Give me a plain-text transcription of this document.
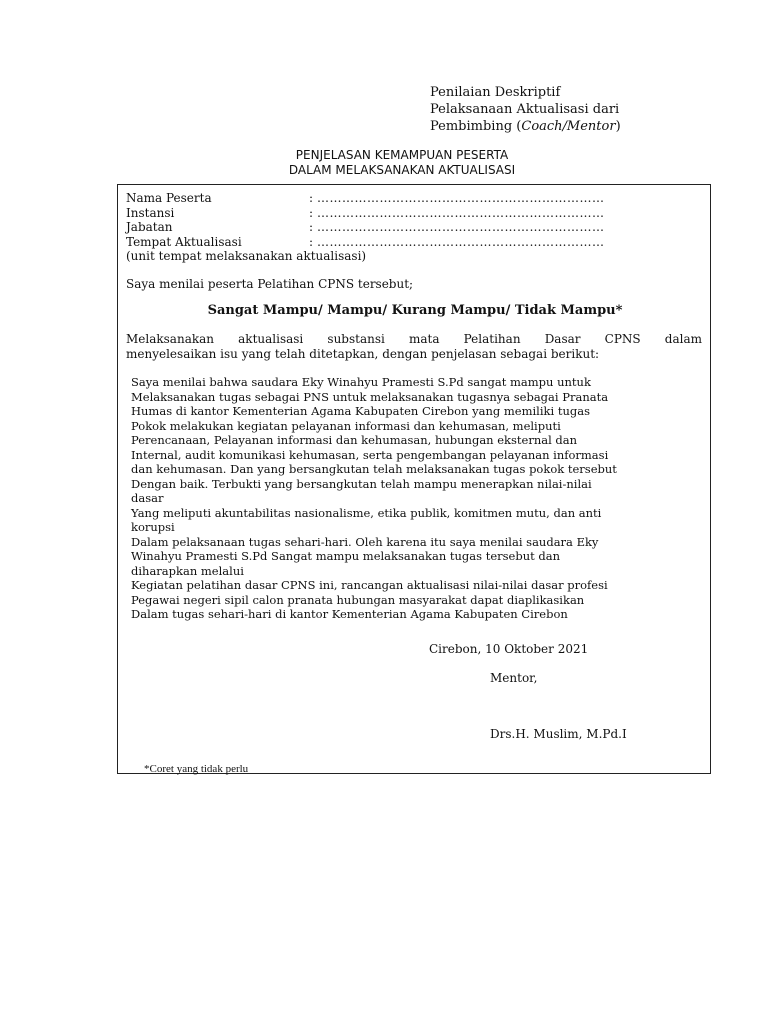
Penilaian Deskriptif
Pelaksanaan Aktualisasi dari
Pembimbing (Coach/Mentor)
PENJELASAN KEMAMPUAN PESERTA
DALAM MELAKSANAKAN AKTUALISASI
Nama Peserta	: ……………………………………………………………
Instansi	: ……………………………………………………………
Jabatan	: ……………………………………………………………
Tempat Aktualisasi	: ……………………………………………………………
(unit tempat melaksanakan aktualisasi)
Saya menilai peserta Pelatihan CPNS tersebut;
Sangat Mampu/ Mampu/ Kurang Mampu/ Tidak Mampu*
Melaksanakan aktualisasi substansi mata Pelatihan Dasar CPNS dalam
menyelesaikan isu yang telah ditetapkan, dengan penjelasan sebagai berikut:
Saya menilai bahwa saudara Eky Winahyu Pramesti S.Pd sangat mampu untuk
Melaksanakan tugas sebagai PNS untuk melaksanakan tugasnya sebagai Pranata
Humas di kantor Kementerian Agama Kabupaten Cirebon yang memiliki tugas
Pokok melakukan kegiatan pelayanan informasi dan kehumasan, meliputi
Perencanaan, Pelayanan informasi dan kehumasan, hubungan eksternal dan
Internal, audit komunikasi kehumasan, serta pengembangan pelayanan informasi
dan kehumasan. Dan yang bersangkutan telah melaksanakan tugas pokok tersebut
Dengan baik. Terbukti yang bersangkutan telah mampu menerapkan nilai-nilai
dasar
Yang meliputi akuntabilitas nasionalisme, etika publik, komitmen mutu, dan anti
korupsi
Dalam pelaksanaan tugas sehari-hari. Oleh karena itu saya menilai saudara Eky
Winahyu Pramesti S.Pd Sangat mampu melaksanakan tugas tersebut dan
diharapkan melalui
Kegiatan pelatihan dasar CPNS ini, rancangan aktualisasi nilai-nilai dasar profesi
Pegawai negeri sipil calon pranata hubungan masyarakat dapat diaplikasikan
Dalam tugas sehari-hari di kantor Kementerian Agama Kabupaten Cirebon
Cirebon, 10 Oktober 2021
Mentor,
Drs.H. Muslim, M.Pd.I
*Coret yang tidak perlu
